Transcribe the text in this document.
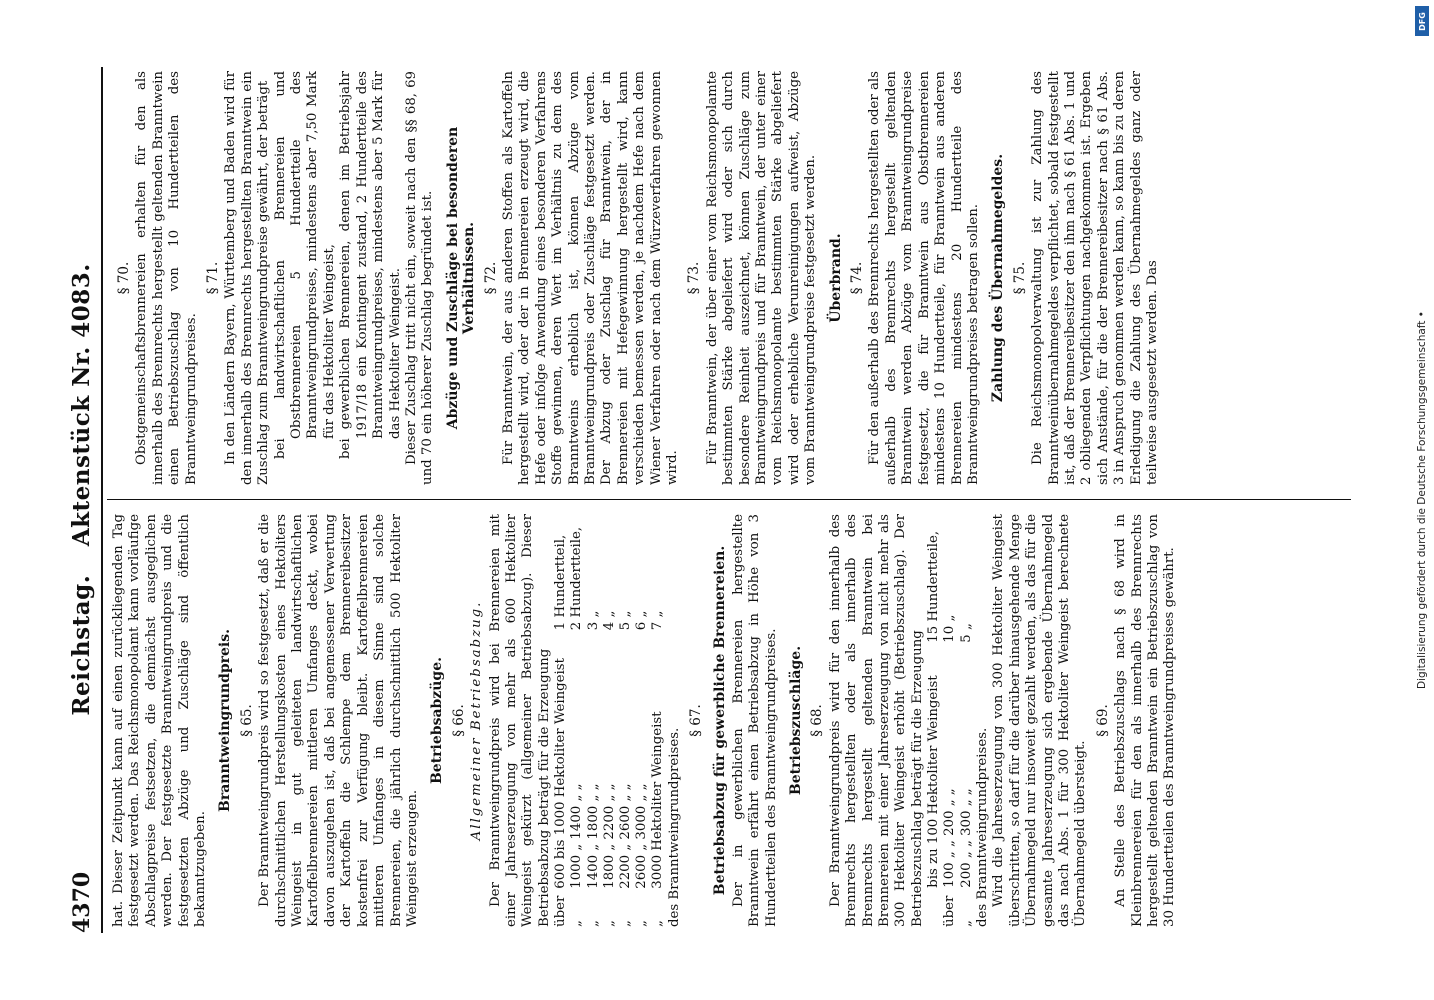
4370
Reichstag. Aktenstück Nr. 4083.

hat. Dieser Zeitpunkt kann auf einen zurückliegenden Tag festgesetzt werden. Das Reichsmonopolamt kann vorläufige Abschlagpreise festsetzen, die demnächst ausgeglichen werden. Der festgesetzte Branntweingrundpreis und die festgesetzten Abzüge und Zuschläge sind öffentlich bekanntzugeben.

Branntweingrundpreis. § 65. Der Branntweingrundpreis wird so festgesetzt, daß er die durchschnittlichen Herstellungskosten eines Hektoliters Weingeist in gut geleiteten landwirtschaftlichen Kartoffelbrennereien mittleren Umfanges deckt, wobei davon auszugehen ist, daß bei angemessener Verwertung der Kartoffeln die Schlempe dem Brennereibesitzer kostenfrei zur Verfügung bleibt. Kartoffelbrennereien mittleren Umfanges in diesem Sinne sind solche Brennereien, die jährlich durchschnittlich 500 Hektoliter Weingeist erzeugen.

Betriebsabzüge. § 66. Allgemeiner Betriebsabzug. Der Branntweingrundpreis wird bei Brennereien mit einer Jahreserzeugung von mehr als 600 Hektoliter Weingeist gekürzt (allgemeiner Betriebsabzug). Dieser Betriebsabzug beträgt für die Erzeugung über	600 bis 1000 Hektoliter Weingeist		1 Hundertteil,
„	1000 „ 1400 „ „		2 Hundertteile,
„	1400 „ 1800 „ „		3 „
„	1800 „ 2200 „ „		4 „
„	2200 „ 2600 „ „		5 „
„	2600 „ 3000 „ „		6 „
„	3000 Hektoliter Weingeist		7 „

des Branntweingrundpreises.

§ 67. Betriebsabzug für gewerbliche Brennereien. Der in gewerblichen Brennereien hergestellte Branntwein erfährt einen Betriebsabzug in Höhe von 3 Hundertteilen des Branntweingrundpreises. Betriebszuschläge. § 68. Der Branntweingrundpreis wird für den innerhalb des Brennrechts hergestellten oder als innerhalb des Brennrechts hergestellt geltenden Branntwein bei Brennereien mit einer Jahreserzeugung von nicht mehr als 300 Hektoliter Weingeist erhöht (Betriebszuschlag). Der Betriebszuschlag beträgt für die Erzeugung

	bis zu 100 Hektoliter Weingeist		15 Hundertteile,
über	100 „ „ 200 „ „		10 „
„	200 „ „ 300 „ „		5 „

des Branntweingrundpreises. Wird die Jahreserzeugung von 300 Hektoliter Weingeist überschritten, so darf für die darüber hinausgehende Menge Übernahmegeld nur insoweit gezahlt werden, als das für die gesamte Jahreserzeugung sich ergebende Übernahmegeld das nach Abs. 1 für 300 Hektoliter Weingeist berechnete Übernahmegeld übersteigt.

§ 69. An Stelle des Betriebszuschlags nach § 68 wird in Kleinbrennereien für den als innerhalb des Brennrechts hergestellt geltenden Branntwein ein Betriebszuschlag von 30 Hundertteilen des Branntweingrundpreises gewährt.

§ 70. Obstgemeinschaftsbrennereien erhalten für den als innerhalb des Brennrechts hergestellt geltenden Branntwein einen Betriebszuschlag von 10 Hundertteilen des Branntweingrundpreises.

§ 71. In den Ländern Bayern, Württemberg und Baden wird für den innerhalb des Brennrechts hergestellten Branntwein ein Zuschlag zum Branntweingrundpreise gewährt, der beträgt bei landwirtschaftlichen Brennereien und Obstbrennereien 5 Hundertteile des Branntweingrundpreises, mindestens aber 7,50 Mark für das Hektoliter Weingeist, bei gewerblichen Brennereien, denen im Betriebsjahr 1917/18 ein Kontingent zustand, 2 Hundertteile des Branntweingrundpreises, mindestens aber 5 Mark für das Hektoliter Weingeist. Dieser Zuschlag tritt nicht ein, soweit nach den §§ 68, 69 und 70 ein höherer Zuschlag begründet ist. Abzüge und Zuschläge bei besonderen Verhältnissen. § 72. Für Branntwein, der aus anderen Stoffen als Kartoffeln hergestellt wird, oder der in Brennereien erzeugt wird, die Hefe oder infolge Anwendung eines besonderen Verfahrens Stoffe gewinnen, deren Wert im Verhältnis zu dem des Branntweins erheblich ist, können Abzüge vom Branntweingrundpreis oder Zuschläge festgesetzt werden. Der Abzug oder Zuschlag für Branntwein, der in Brennereien mit Hefegewinnung hergestellt wird, kann verschieden bemessen werden, je nachdem Hefe nach dem Wiener Verfahren oder nach dem Würzeverfahren gewonnen wird.

§ 73. Für Branntwein, der über einer vom Reichsmonopolamte bestimmten Stärke abgeliefert wird oder sich durch besondere Reinheit auszeichnet, können Zuschläge zum Branntweingrundpreis und für Branntwein, der unter einer vom Reichsmonopolamte bestimmten Stärke abgeliefert wird oder erhebliche Verunreinigungen aufweist, Abzüge vom Branntweingrundpreise festgesetzt werden. Überbrand. § 74. Für den außerhalb des Brennrechts hergestellten oder als außerhalb des Brennrechts hergestellt geltenden Branntwein werden Abzüge vom Branntweingrundpreise festgesetzt, die für Branntwein aus Obstbrennereien mindestens 10 Hundertteile, für Branntwein aus anderen Brennereien mindestens 20 Hundertteile des Branntweingrundpreises betragen sollen. Zahlung des Übernahmegeldes. § 75. Die Reichsmonopolverwaltung ist zur Zahlung des Branntweinübernahmegeldes verpflichtet, sobald festgestellt ist, daß der Brennereibesitzer den ihm nach § 61 Abs. 1 und 2 obliegenden Verpflichtungen nachgekommen ist. Ergeben sich Anstände, für die der Brennereibesitzer nach § 61 Abs. 3 in Anspruch genommen werden kann, so kann bis zu deren Erledigung die Zahlung des Übernahmegeldes ganz oder teilweise ausgesetzt werden. Das

DFG
Digitalisierung gefördert durch die Deutsche Forschungsgemeinschaft •
